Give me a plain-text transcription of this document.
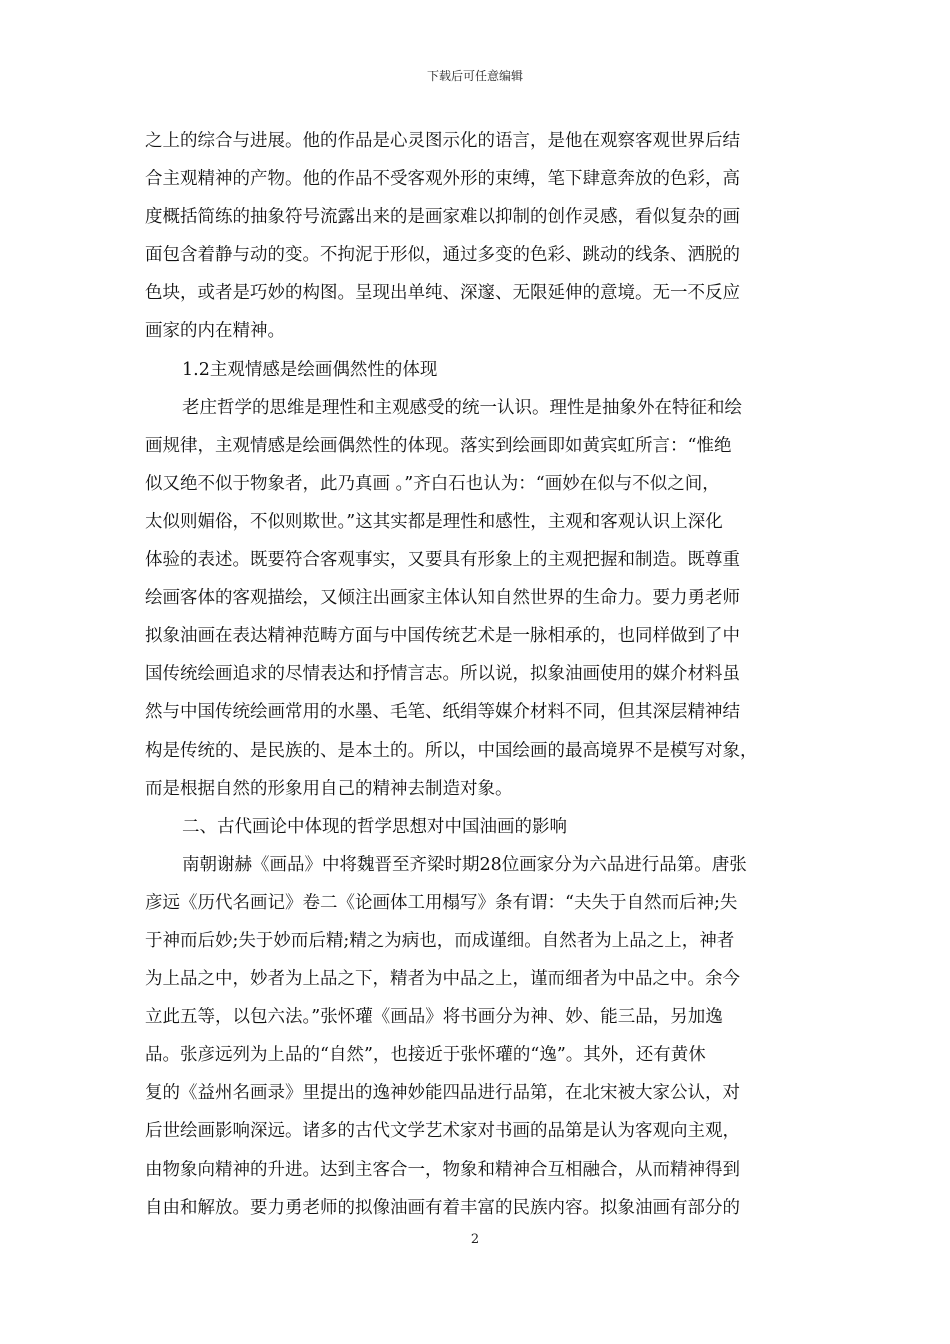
下载后可任意编辑
之上的综合与进展。他的作品是心灵图示化的语言，是他在观察客观世界后结
合主观精神的产物。他的作品不受客观外形的束缚，笔下肆意奔放的色彩，高
度概括简练的抽象符号流露出来的是画家难以抑制的创作灵感，看似复杂的画
面包含着静与动的变。不拘泥于形似，通过多变的色彩、跳动的线条、洒脱的
色块，或者是巧妙的构图。呈现出单纯、深邃、无限延伸的意境。无一不反应
画家的内在精神。
1.2主观情感是绘画偶然性的体现
老庄哲学的思维是理性和主观感受的统一认识。理性是抽象外在特征和绘
画规律，主观情感是绘画偶然性的体现。落实到绘画即如黄宾虹所言：“惟绝
似又绝不似于物象者，此乃真画 。”齐白石也认为：“画妙在似与不似之间，
太似则媚俗，不似则欺世。”这其实都是理性和感性，主观和客观认识上深化
体验的表述。既要符合客观事实，又要具有形象上的主观把握和制造。既尊重
绘画客体的客观描绘，又倾注出画家主体认知自然世界的生命力。要力勇老师
拟象油画在表达精神范畴方面与中国传统艺术是一脉相承的，也同样做到了中
国传统绘画追求的尽情表达和抒情言志。所以说，拟象油画使用的媒介材料虽
然与中国传统绘画常用的水墨、毛笔、纸绢等媒介材料不同，但其深层精神结
构是传统的、是民族的、是本土的。所以，中国绘画的最高境界不是模写对象，
而是根据自然的形象用自己的精神去制造对象。
二、古代画论中体现的哲学思想对中国油画的影响
南朝谢赫《画品》中将魏晋至齐梁时期28位画家分为六品进行品第。唐张
彦远《历代名画记》卷二《论画体工用榻写》条有谓：“夫失于自然而后神;失
于神而后妙;失于妙而后精;精之为病也，而成谨细。自然者为上品之上，神者
为上品之中，妙者为上品之下，精者为中品之上，谨而细者为中品之中。余今
立此五等，以包六法。”张怀瓘《画品》将书画分为神、妙、能三品，另加逸
品。张彦远列为上品的“自然”，也接近于张怀瓘的“逸”。其外，还有黄休
复的《益州名画录》里提出的逸神妙能四品进行品第，在北宋被大家公认，对
后世绘画影响深远。诸多的古代文学艺术家对书画的品第是认为客观向主观，
由物象向精神的升进。达到主客合一，物象和精神合互相融合，从而精神得到
自由和解放。要力勇老师的拟像油画有着丰富的民族内容。拟象油画有部分的
2
